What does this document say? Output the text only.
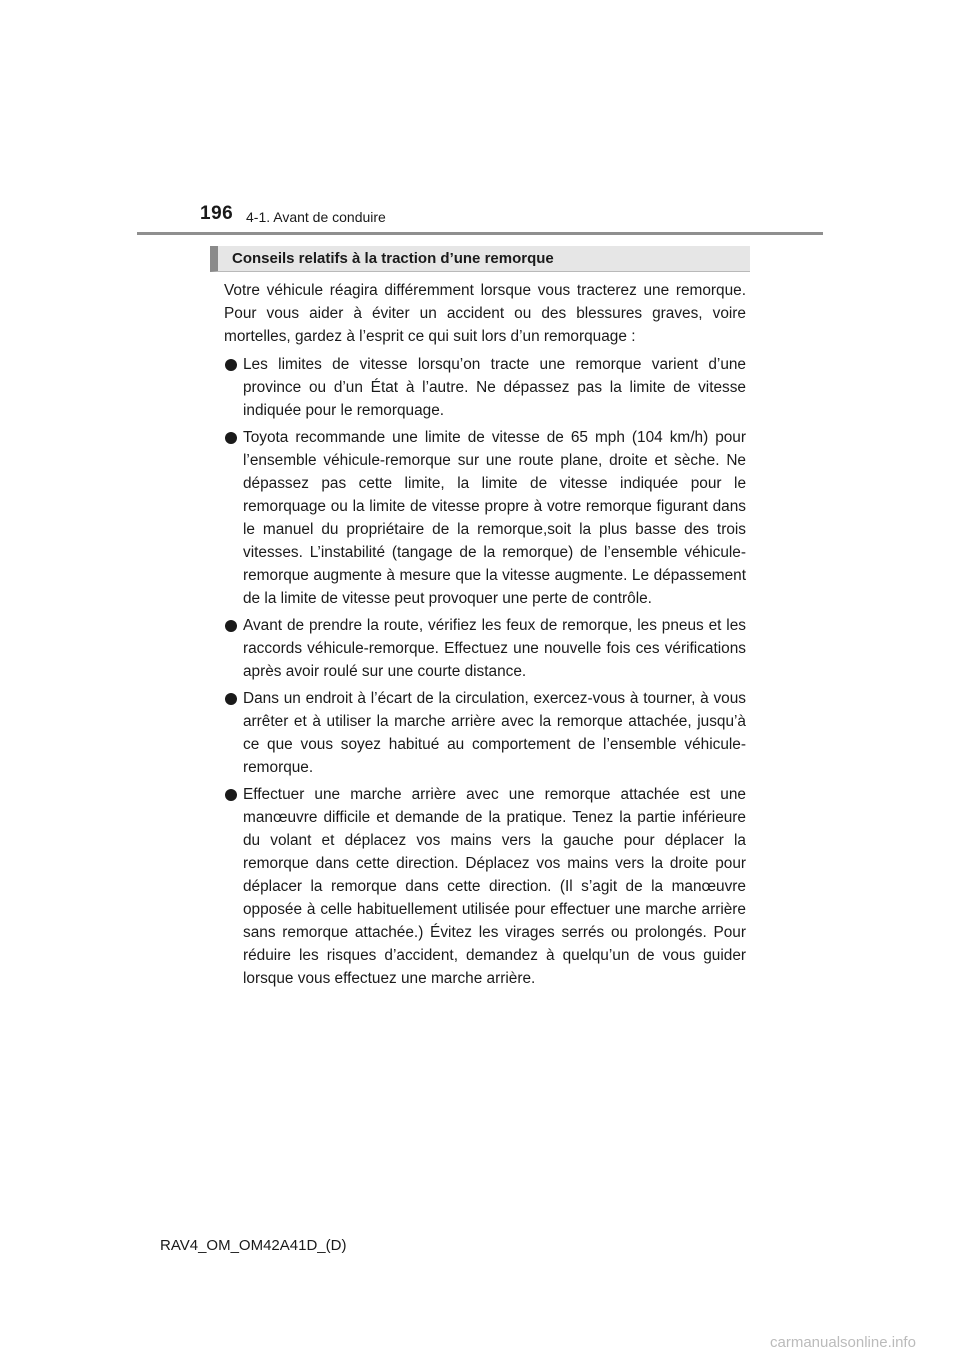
196 4-1. Avant de conduire
Conseils relatifs à la traction d’une remorque

Votre véhicule réagira différemment lorsque vous tracterez une remorque. Pour vous aider à éviter un accident ou des blessures graves, voire mortelles, gardez à l’esprit ce qui suit lors d’un remorquage :

Les limites de vitesse lorsqu’on tracte une remorque varient d’une province ou d’un État à l’autre. Ne dépassez pas la limite de vitesse indiquée pour le remorquage.
Toyota recommande une limite de vitesse de 65 mph (104 km/h) pour l’ensemble véhicule-remorque sur une route plane, droite et sèche. Ne dépassez pas cette limite, la limite de vitesse indiquée pour le remorquage ou la limite de vitesse propre à votre remorque figurant dans le manuel du propriétaire de la remorque,soit la plus basse des trois vitesses. L’instabilité (tangage de la remorque) de l’ensemble véhicule-remorque augmente à mesure que la vitesse augmente. Le dépassement de la limite de vitesse peut provoquer une perte de contrôle.
Avant de prendre la route, vérifiez les feux de remorque, les pneus et les raccords véhicule-remorque. Effectuez une nouvelle fois ces vérifications après avoir roulé sur une courte distance.
Dans un endroit à l’écart de la circulation, exercez-vous à tourner, à vous arrêter et à utiliser la marche arrière avec la remorque attachée, jusqu’à ce que vous soyez habitué au comportement de l’ensemble véhicule-remorque.
Effectuer une marche arrière avec une remorque attachée est une manœuvre difficile et demande de la pratique. Tenez la partie inférieure du volant et déplacez vos mains vers la gauche pour déplacer la remorque dans cette direction. Déplacez vos mains vers la droite pour déplacer la remorque dans cette direction. (Il s’agit de la manœuvre opposée à celle habituellement utilisée pour effectuer une marche arrière sans remorque attachée.) Évitez les virages serrés ou prolongés. Pour réduire les risques d’accident, demandez à quelqu’un de vous guider lorsque vous effectuez une marche arrière.
RAV4_OM_OM42A41D_(D)
carmanualsonline.info
